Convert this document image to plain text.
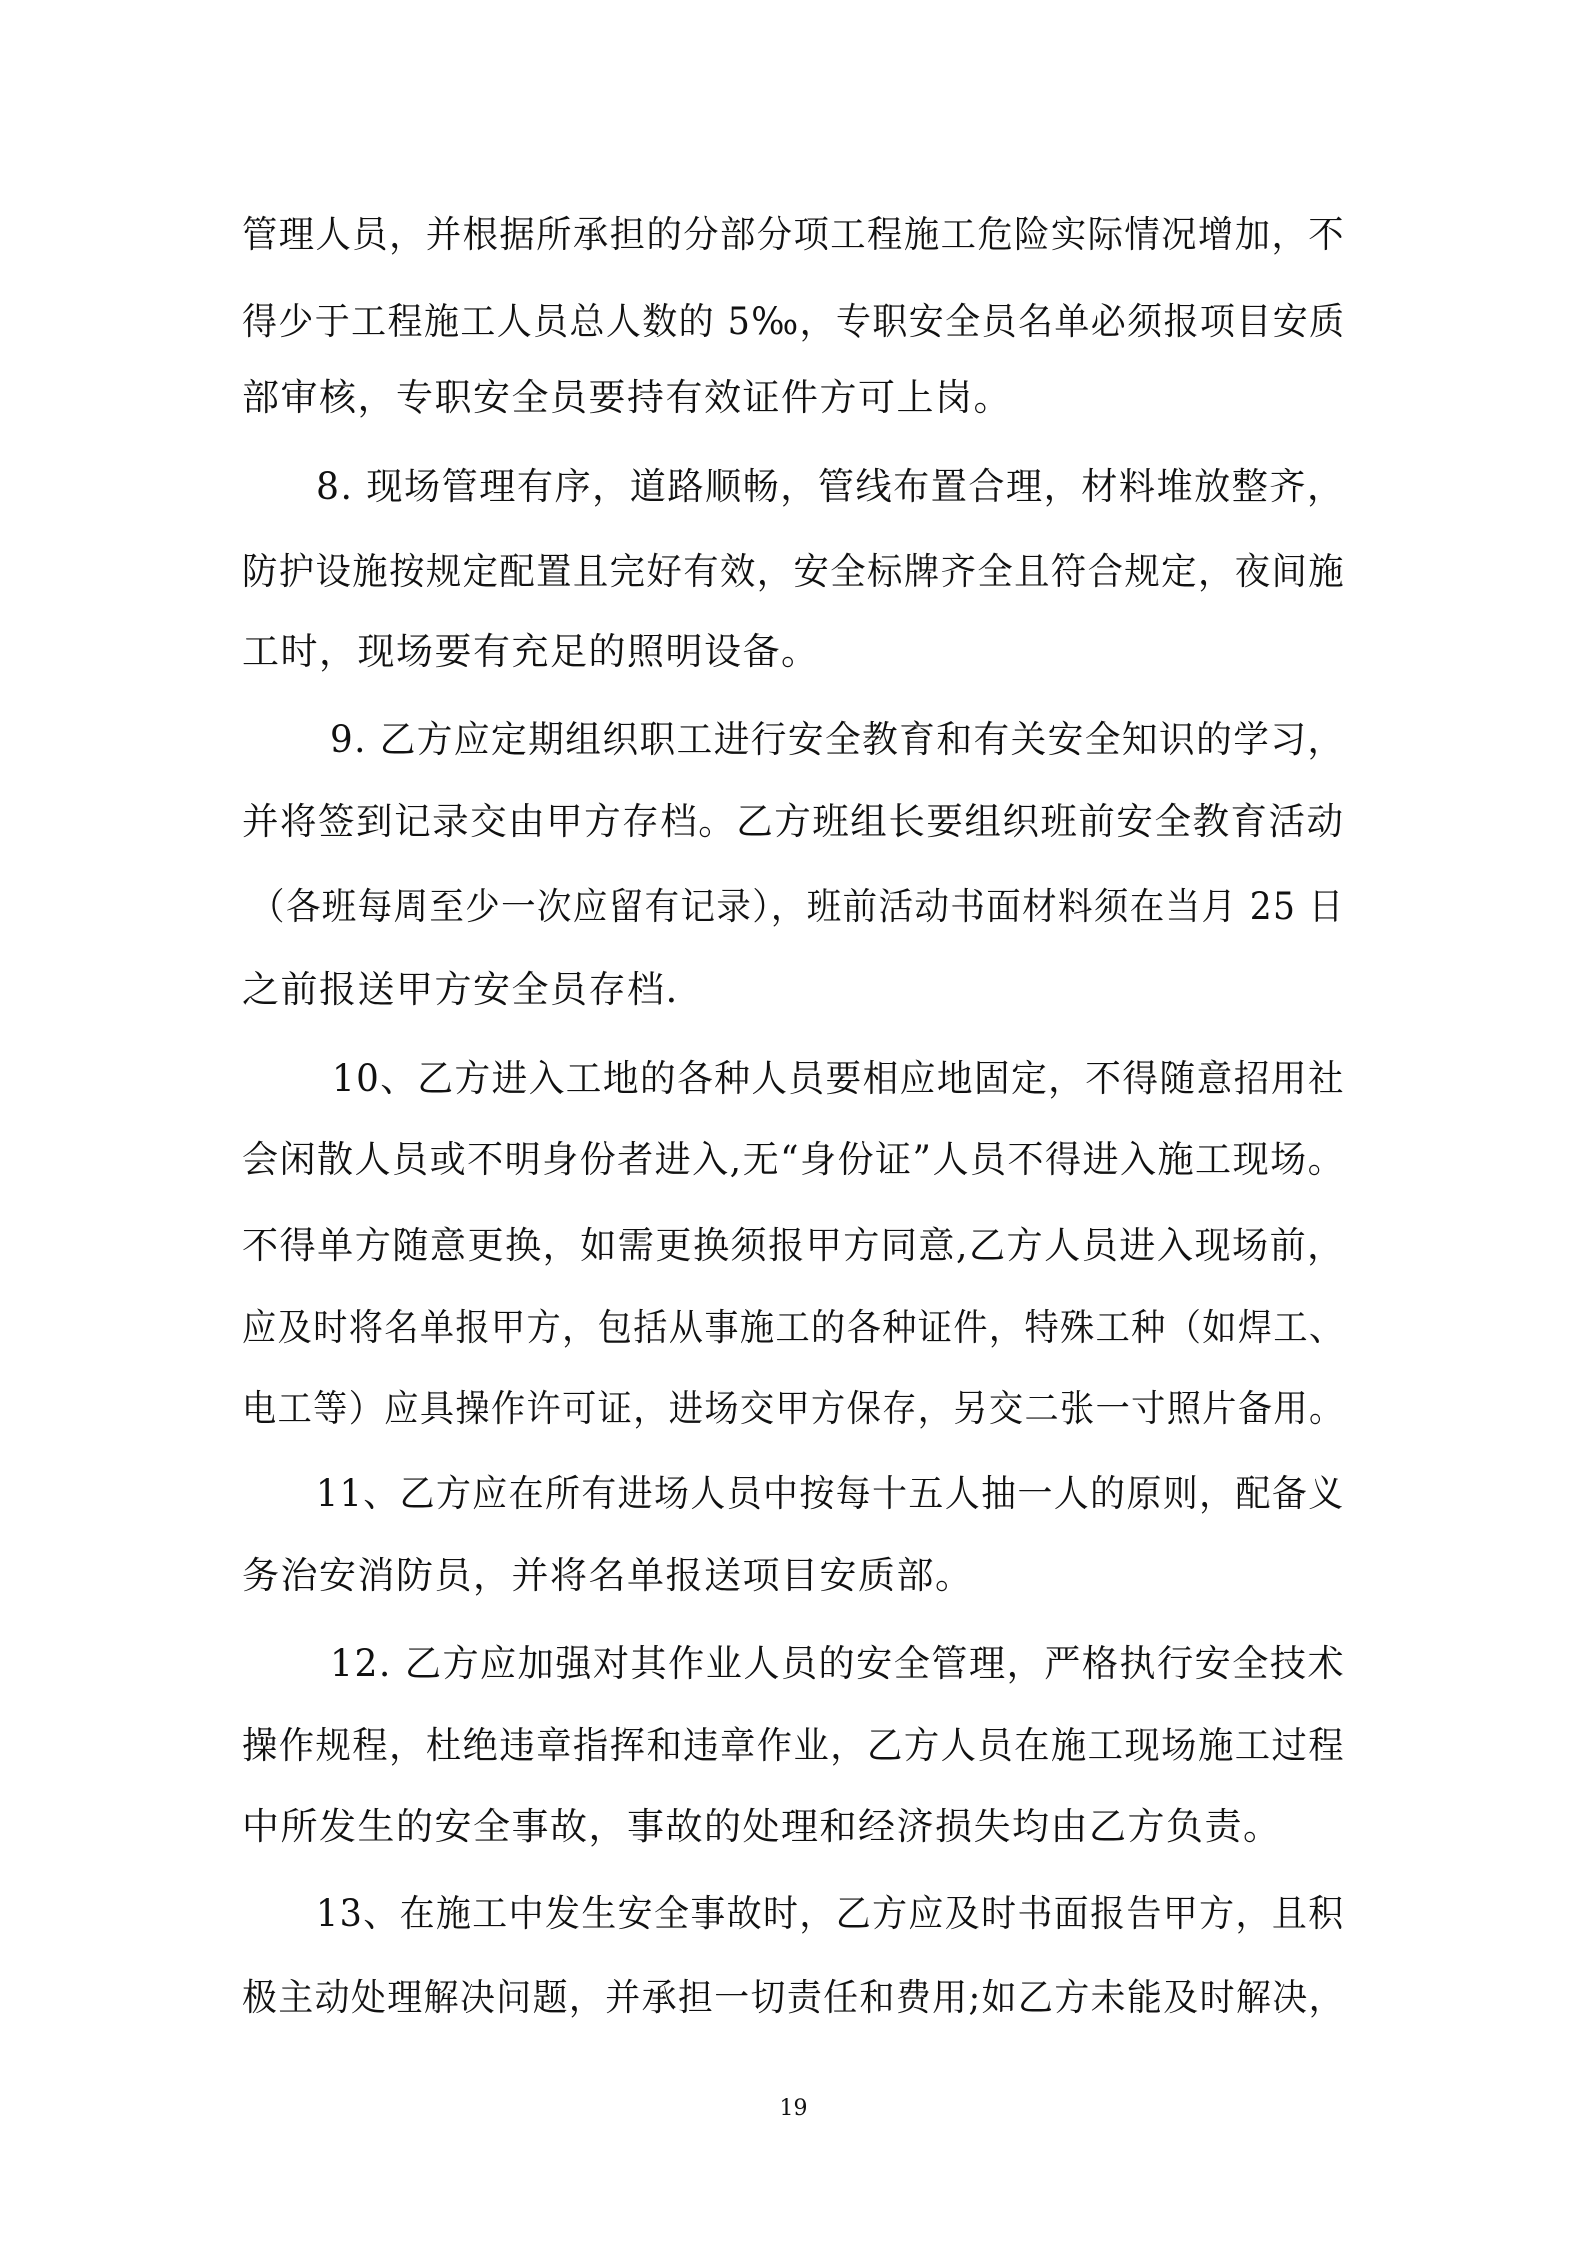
管理人员，并根据所承担的分部分项工程施工危险实际情况增加，不
得少于工程施工人员总人数的 5‰，专职安全员名单必须报项目安质
部审核，专职安全员要持有效证件方可上岗。
8. 现场管理有序，道路顺畅，管线布置合理，材料堆放整齐，
防护设施按规定配置且完好有效，安全标牌齐全且符合规定，夜间施
工时，现场要有充足的照明设备。
9. 乙方应定期组织职工进行安全教育和有关安全知识的学习，
并将签到记录交由甲方存档。乙方班组长要组织班前安全教育活动
（各班每周至少一次应留有记录），班前活动书面材料须在当月 25 日
之前报送甲方安全员存档.
10、乙方进入工地的各种人员要相应地固定，不得随意招用社
会闲散人员或不明身份者进入,无“身份证”人员不得进入施工现场。
不得单方随意更换，如需更换须报甲方同意,乙方人员进入现场前，
应及时将名单报甲方，包括从事施工的各种证件，特殊工种（如焊工、
电工等）应具操作许可证，进场交甲方保存，另交二张一寸照片备用。
11、乙方应在所有进场人员中按每十五人抽一人的原则，配备义
务治安消防员，并将名单报送项目安质部。
12. 乙方应加强对其作业人员的安全管理，严格执行安全技术
操作规程，杜绝违章指挥和违章作业，乙方人员在施工现场施工过程
中所发生的安全事故，事故的处理和经济损失均由乙方负责。
13、在施工中发生安全事故时，乙方应及时书面报告甲方，且积
极主动处理解决问题，并承担一切责任和费用;如乙方未能及时解决，
19
